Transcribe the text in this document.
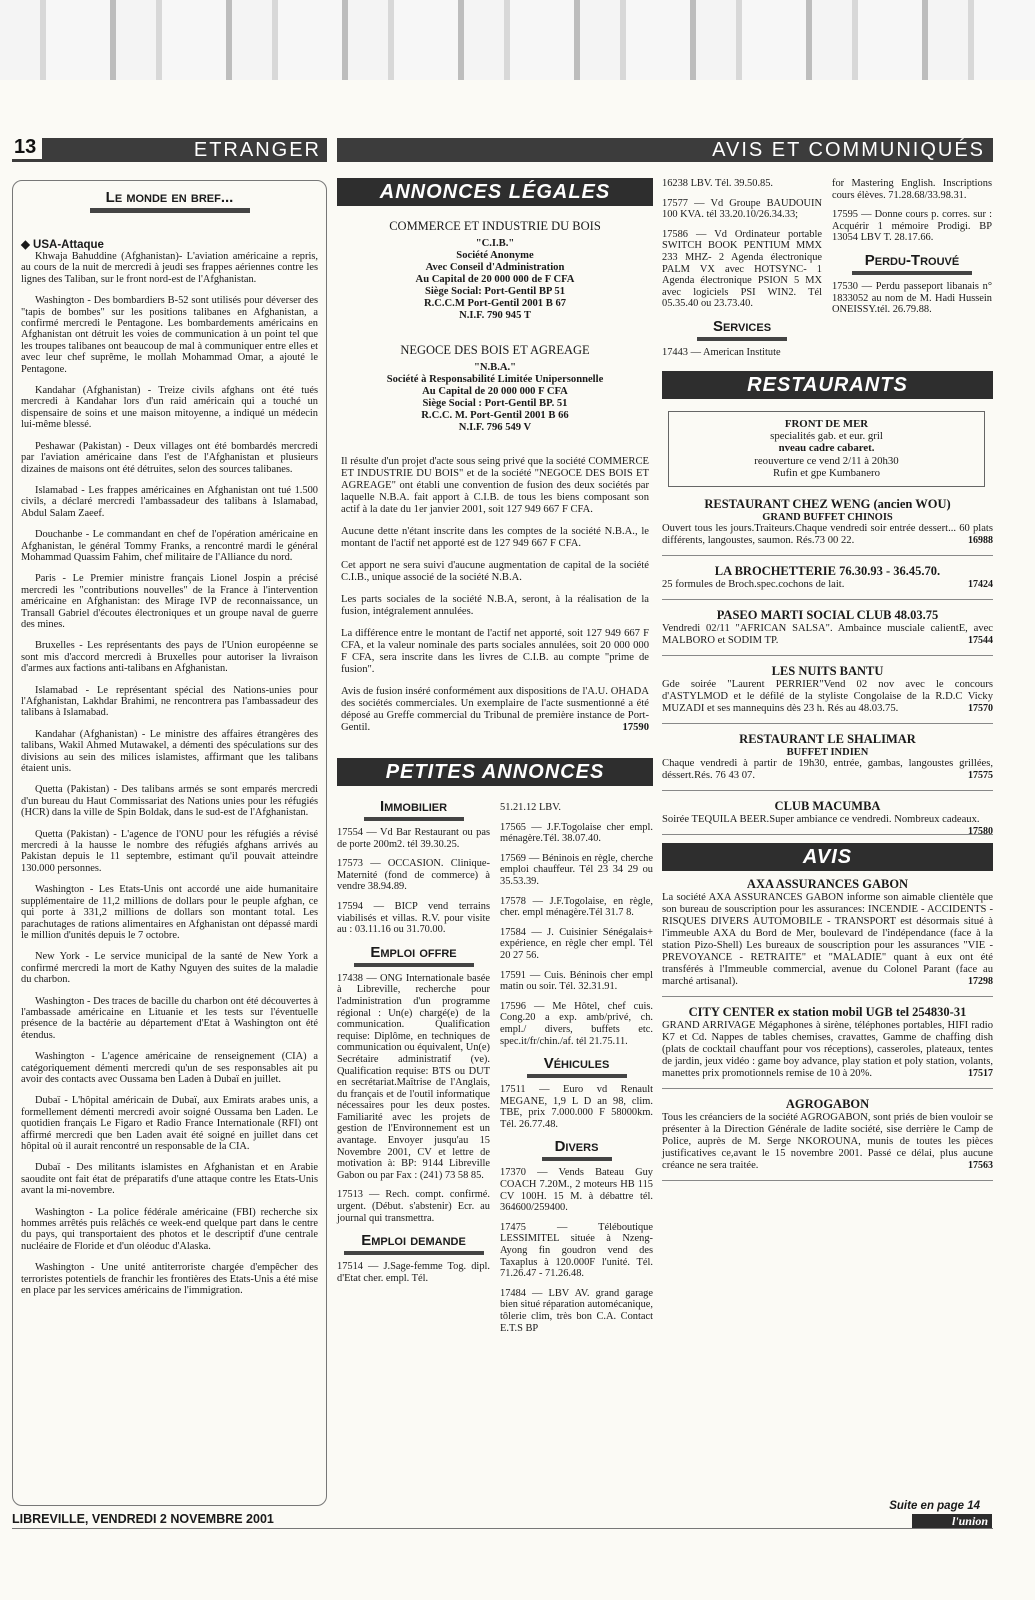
ETRANGER
13	AVIS ET COMMUNIQUÉS
Le monde en bref...
◆ USA-Attaque

Khwaja Bahuddine (Afghanistan)- L'aviation américaine a repris, au cours de la nuit de mercredi à jeudi ses frappes aériennes contre les lignes des Taliban, sur le front nord-est de l'Afghanistan.

Washington - Des bombardiers B-52 sont utilisés pour déverser des "tapis de bombes" sur les positions talibanes en Afghanistan, a confirmé mercredi le Pentagone. Les bombardements américains en Afghanistan ont détruit les voies de communication à un point tel que les troupes talibanes ont beaucoup de mal à communiquer entre elles et avec leur chef suprême, le mollah Mohammad Omar, a ajouté le Pentagone.

Kandahar (Afghanistan) - Treize civils afghans ont été tués mercredi à Kandahar lors d'un raid américain qui a touché un dispensaire de soins et une maison mitoyenne, a indiqué un médecin lui-même blessé.

Peshawar (Pakistan) - Deux villages ont été bombardés mercredi par l'aviation américaine dans l'est de l'Afghanistan et plusieurs dizaines de maisons ont été détruites, selon des sources talibanes.

Islamabad - Les frappes américaines en Afghanistan ont tué 1.500 civils, a déclaré mercredi l'ambassadeur des talibans à Islamabad, Abdul Salam Zaeef.

Douchanbe - Le commandant en chef de l'opération américaine en Afghanistan, le général Tommy Franks, a rencontré mardi le général Mohammad Quassim Fahim, chef militaire de l'Alliance du nord.

Paris - Le Premier ministre français Lionel Jospin a précisé mercredi les "contributions nouvelles" de la France à l'intervention américaine en Afghanistan: des Mirage IVP de reconnaissance, un Transall Gabriel d'écoutes électroniques et un groupe naval de guerre des mines.

Bruxelles - Les représentants des pays de l'Union européenne se sont mis d'accord mercredi à Bruxelles pour autoriser la livraison d'armes aux factions anti-talibans en Afghanistan.

Islamabad - Le représentant spécial des Nations-unies pour l'Afghanistan, Lakhdar Brahimi, ne rencontrera pas l'ambassadeur des talibans à Islamabad.

Kandahar (Afghanistan) - Le ministre des affaires étrangères des talibans, Wakil Ahmed Mutawakel, a démenti des spéculations sur des divisions au sein des milices islamistes, affirmant que les talibans étaient unis.

Quetta (Pakistan) - Des talibans armés se sont emparés mercredi d'un bureau du Haut Commissariat des Nations unies pour les réfugiés (HCR) dans la ville de Spin Boldak, dans le sud-est de l'Afghanistan.

Quetta (Pakistan) - L'agence de l'ONU pour les réfugiés a révisé mercredi à la hausse le nombre des réfugiés afghans arrivés au Pakistan depuis le 11 septembre, estimant qu'il pouvait atteindre 130.000 personnes.

Washington - Les Etats-Unis ont accordé une aide humanitaire supplémentaire de 11,2 millions de dollars pour le peuple afghan, ce qui porte à 331,2 millions de dollars son montant total. Les parachutages de rations alimentaires en Afghanistan ont dépassé mardi le million d'unités depuis le 7 octobre.

New York - Le service municipal de la santé de New York a confirmé mercredi la mort de Kathy Nguyen des suites de la maladie du charbon.

Washington - Des traces de bacille du charbon ont été découvertes à l'ambassade américaine en Lituanie et les tests sur l'éventuelle présence de la bactérie au département d'Etat à Washington ont été étendus.

Washington - L'agence américaine de renseignement (CIA) a catégoriquement démenti mercredi qu'un de ses responsables ait pu avoir des contacts avec Oussama ben Laden à Dubaï en juillet.

Dubaï - L'hôpital américain de Dubaï, aux Emirats arabes unis, a formellement démenti mercredi avoir soigné Oussama ben Laden. Le quotidien français Le Figaro et Radio France Internationale (RFI) ont affirmé mercredi que ben Laden avait été soigné en juillet dans cet hôpital où il aurait rencontré un responsable de la CIA.

Dubaï - Des militants islamistes en Afghanistan et en Arabie saoudite ont fait état de préparatifs d'une attaque contre les Etats-Unis avant la mi-novembre.

Washington - La police fédérale américaine (FBI) recherche six hommes arrêtés puis relâchés ce week-end quelque part dans le centre du pays, qui transportaient des photos et le descriptif d'une centrale nucléaire de Floride et d'un oléoduc d'Alaska.

Washington - Une unité antiterroriste chargée d'empêcher des terroristes potentiels de franchir les frontières des Etats-Unis a été mise en place par les services américains de l'immigration.

ANNONCES LÉGALES
COMMERCE ET INDUSTRIE DU BOIS
"C.I.B."
Société Anonyme
Avec Conseil d'Administration
Au Capital de 20 000 000 de F CFA
Siège Social: Port-Gentil BP 51
R.C.C.M Port-Gentil 2001 B 67
N.I.F. 790 945 T
NEGOCE DES BOIS ET AGREAGE
"N.B.A."
Société à Responsabilité Limitée Unipersonnelle
Au Capital de 20 000 000 F CFA
Siège Social : Port-Gentil BP. 51
R.C.C. M. Port-Gentil 2001 B 66
N.I.F. 796 549 V

Il résulte d'un projet d'acte sous seing privé que la société COMMERCE ET INDUSTRIE DU BOIS" et de la société "NEGOCE DES BOIS ET AGREAGE" ont établi une convention de fusion des deux sociétés par laquelle N.B.A. fait apport à C.I.B. de tous les biens composant son actif à la date du 1er janvier 2001, soit 127 949 667 F CFA.

Aucune dette n'étant inscrite dans les comptes de la société N.B.A., le montant de l'actif net apporté est de 127 949 667 F CFA.

Cet apport ne sera suivi d'aucune augmentation de capital de la société C.I.B., unique associé de la société N.B.A.

Les parts sociales de la société N.B.A, seront, à la réalisation de la fusion, intégralement annulées.

La différence entre le montant de l'actif net apporté, soit 127 949 667 F CFA, et la valeur nominale des parts sociales annulées, soit 20 000 000 F CFA, sera inscrite dans les livres de C.I.B. au compte "prime de fusion".

Avis de fusion inséré conformément aux dispositions de l'A.U. OHADA des sociétés commerciales. Un exemplaire de l'acte susmentionné a été déposé au Greffe commercial du Tribunal de première instance de Port-Gentil.	17590

PETITES ANNONCES
Immobilier
17554 — Vd Bar Restaurant ou pas de porte 200m2. tél 39.30.25.
17573 — OCCASION. Clinique-Maternité (fond de commerce) à vendre 38.94.89.
17594 — BICP vend terrains viabilisés et villas. R.V. pour visite au : 03.11.16 ou 31.70.00.
Emploi offre
17438 — ONG Internationale basée à Libreville, recherche pour l'administration d'un programme régional : Un(e) chargé(e) de la communication. Qualification requise: Diplôme, en techniques de communication ou équivalent, Un(e) Secrétaire administratif (ve). Qualification requise: BTS ou DUT en secrétariat.Maîtrise de l'Anglais, du français et de l'outil informatique nécessaires pour les deux postes. Familiarité avec les projets de gestion de l'Environnement est un avantage. Envoyer jusqu'au 15 Novembre 2001, CV et lettre de motivation à: BP: 9144 Libreville Gabon ou par Fax : (241) 73 58 85.
17513 — Rech. compt. confirmé. urgent. (Début. s'abstenir) Ecr. au journal qui transmettra.
Emploi demande
17514 — J.Sage-femme Tog. dipl. d'Etat cher. empl. Tél.
51.21.12 LBV.
17565 — J.F.Togolaise cher empl. ménagère.Tél. 38.07.40.
17569 — Béninois en règle, cherche emploi chauffeur. Tél 23 34 29 ou 35.53.39.
17578 — J.F.Togolaise, en règle, cher. empl ménagère.Tél 31.7 8.
17584 — J. Cuisinier Sénégalais+ expérience, en règle cher empl. Tél 20 27 56.
17591 — Cuis. Béninois cher empl matin ou soir. Tél. 32.31.91.
17596 — Me Hôtel, chef cuis. Cong.20 a exp. amb/privé, ch. empl./ divers, buffets etc. spec.it/fr/chin./af. tél 21.75.11.
Véhicules
17511 — Euro vd Renault MEGANE, 1,9 L D an 98, clim. TBE, prix 7.000.000 F 58000km. Tél. 26.77.48.
Divers
17370 — Vends Bateau Guy COACH 7.20M., 2 moteurs HB 115 CV 100H. 15 M. à débattre tél. 364600/259400.
17475 — Téléboutique LESSIMITEL située à Nzeng-Ayong fin goudron vend des Taxaplus à 120.000F l'unité. Tél. 71.26.47 - 71.26.48.
17484 — LBV AV. grand garage bien situé réparation automécanique, tôlerie clim, très bon C.A. Contact E.T.S BP
16238 LBV. Tél. 39.50.85.
17577 — Vd Groupe BAUDOUIN 100 KVA. tél 33.20.10/26.34.33;
17586 — Vd Ordinateur portable SWITCH BOOK PENTIUM MMX 233 MHZ- 2 Agenda électronique PALM VX avec HOTSYNC- 1 Agenda électronique PSION 5 MX avec logiciels PSI WIN2. Tél 05.35.40 ou 23.73.40.
Services
17443 — American Institute
for Mastering English. Inscriptions cours élèves. 71.28.68/33.98.31.
17595 — Donne cours p. corres. sur : Acquérir 1 mémoire Prodigi. BP 13054 LBV T. 28.17.66.
Perdu-Trouvé
17530 — Perdu passeport libanais n° 1833052 au nom de M. Hadi Hussein ONEISSY.tél. 26.79.88.
RESTAURANTS
FRONT DE MER
specialités gab. et eur. gril
nveau cadre cabaret.
reouverture ce vend 2/11 à 20h30
Rufin et gpe Kumbanero
RESTAURANT CHEZ WENG (ancien WOU)
GRAND BUFFET CHINOIS
Ouvert tous les jours.Traiteurs.Chaque vendredi soir entrée dessert... 60 plats différents, langoustes, saumon. Rés.73 00 22.	16988
LA BROCHETTERIE 76.30.93 - 36.45.70.
25 formules de Broch.spec.cochons de lait.	17424
PASEO MARTI SOCIAL CLUB 48.03.75
Vendredi 02/11 "AFRICAN SALSA". Ambaince musciale calientE, avec MALBORO et SODIM TP.	17544
LES NUITS BANTU
Gde soirée "Laurent PERRIER"Vend 02 nov avec le concours d'ASTYLMOD et le défilé de la styliste Congolaise de la R.D.C Vicky MUZADI et ses mannequins dès 23 h. Rés au 48.03.75.	17570
RESTAURANT LE SHALIMAR
BUFFET INDIEN
Chaque vendredi à partir de 19h30, entrée, gambas, langoustes grillées, déssert.Rés. 76 43 07.	17575
CLUB MACUMBA
Soirée TEQUILA BEER.Super ambiance ce vendredi. Nombreux cadeaux.
17580
AVIS
AXA ASSURANCES GABON
La société AXA ASSURANCES GABON informe son aimable clientèle que son bureau de souscription pour les assurances: INCENDIE - ACCIDENTS - RISQUES DIVERS AUTOMOBILE - TRANSPORT est désormais situé à l'immeuble AXA du Bord de Mer, boulevard de l'indépendance (face à la station Pizo-Shell) Les bureaux de souscription pour les assurances "VIE - PREVOYANCE - RETRAITE" et "MALADIE" quant à eux ont été transférés à l'Immeuble commercial, avenue du Colonel Parant (face au marché artisanal).	17298
CITY CENTER ex station mobil UGB tel 254830-31
GRAND ARRIVAGE Mégaphones à sirène, téléphones portables, HIFI radio K7 et Cd. Nappes de tables chemises, cravattes, Gamme de chaffing dish (plats de cocktail chauffant pour vos réceptions), casseroles, plateaux, tentes de jardin, jeux vidéo : game boy advance, play station et poly station, volants, manettes prix promotionnels remise de 10 à 20%.	17517
AGROGABON
Tous les créanciers de la société AGROGABON, sont priés de bien vouloir se présenter à la Direction Générale de ladite société, sise derrière le Camp de Police, auprès de M. Serge NKOROUNA, munis de toutes les pièces justificatives ce,avant le 15 novembre 2001. Passé ce délai, plus aucune créance ne sera traitée.	17563
Suite en page 14
LIBREVILLE, VENDREDI 2 NOVEMBRE 2001	l'union
